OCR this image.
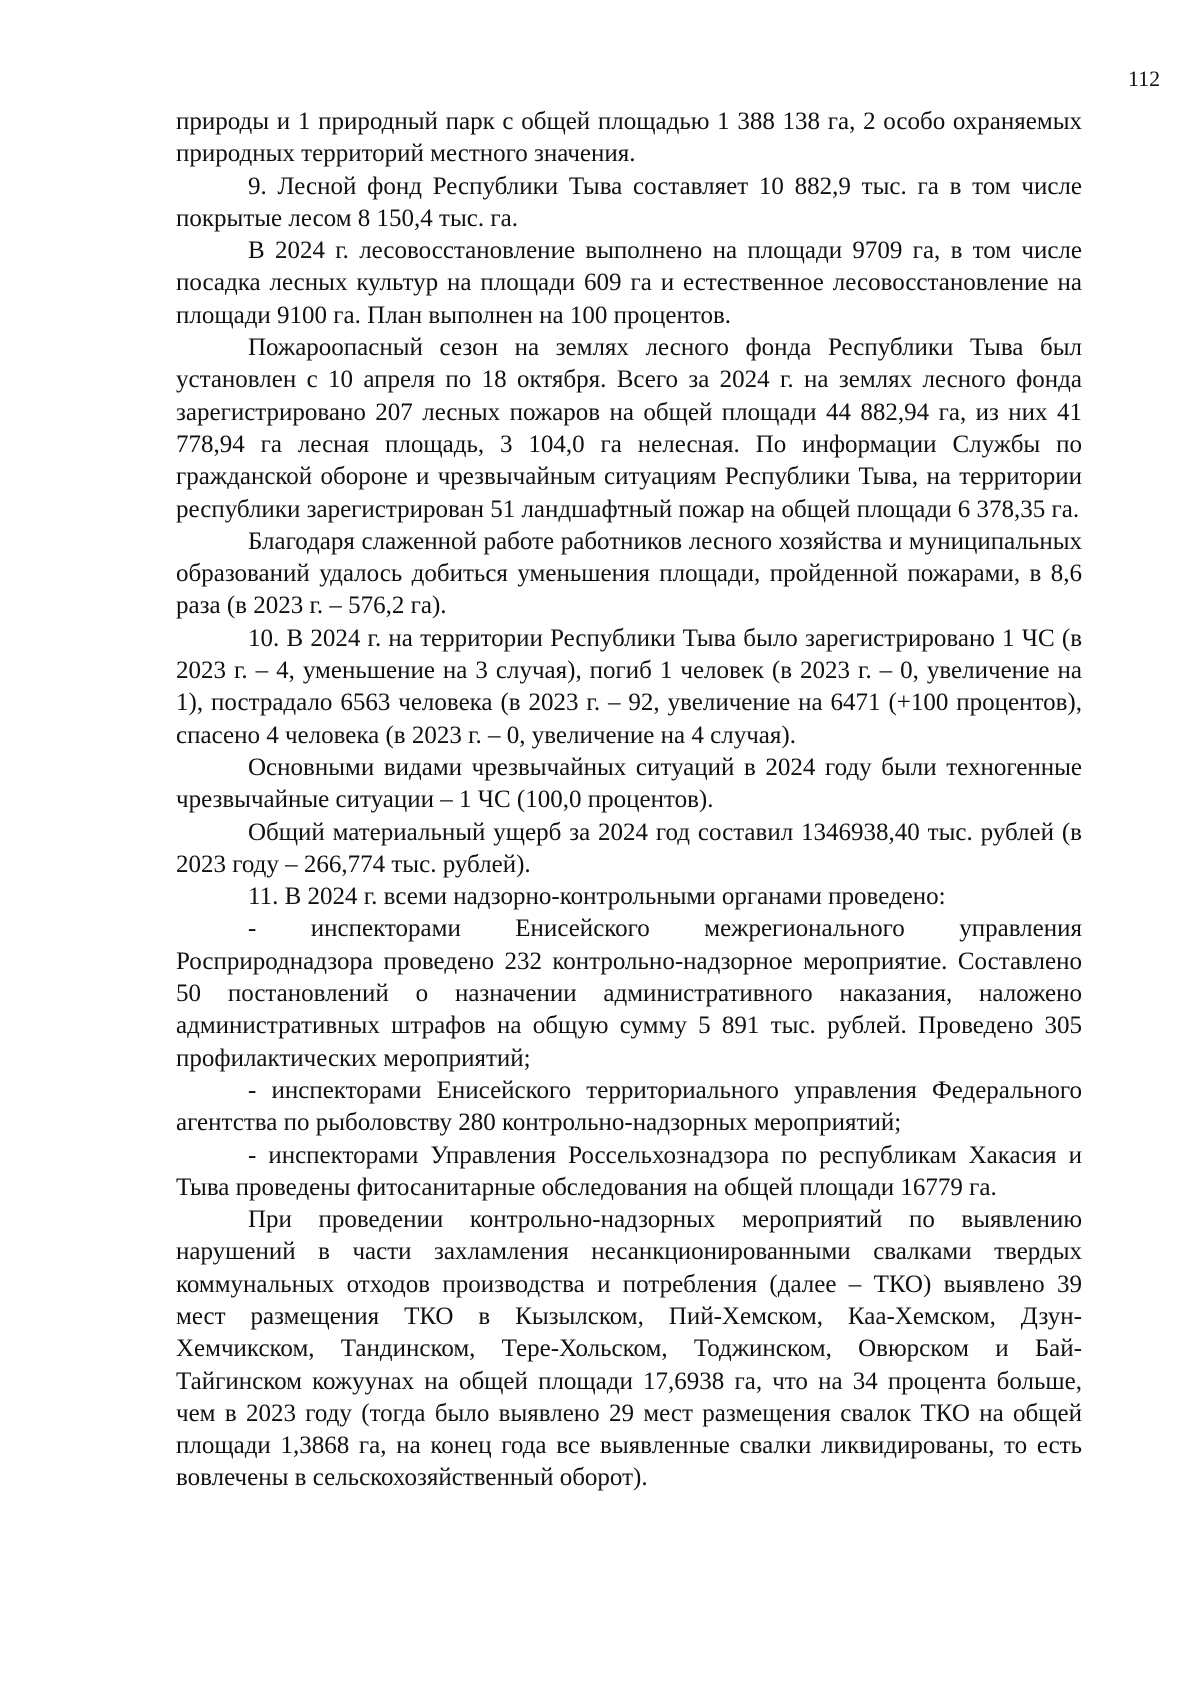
112

природы и 1 природный парк с общей площадью 1 388 138 га, 2 особо охраняемых природных территорий местного значения.

9. Лесной фонд Республики Тыва составляет 10 882,9 тыс. га в том числе покрытые лесом 8 150,4 тыс. га.

В 2024 г. лесовосстановление выполнено на площади 9709 га, в том числе посадка лесных культур на площади 609 га и естественное лесовосстановление на площади 9100 га. План выполнен на 100 процентов.

Пожароопасный сезон на землях лесного фонда Республики Тыва был установлен с 10 апреля по 18 октября. Всего за 2024 г. на землях лесного фонда зарегистрировано 207 лесных пожаров на общей площади 44 882,94 га, из них 41 778,94 га лесная площадь, 3 104,0 га нелесная. По информации Службы по гражданской обороне и чрезвычайным ситуациям Республики Тыва, на территории республики зарегистрирован 51 ландшафтный пожар на общей площади 6 378,35 га.

Благодаря слаженной работе работников лесного хозяйства и муниципальных образований удалось добиться уменьшения площади, пройденной пожарами, в 8,6 раза (в 2023 г. – 576,2 га).

10. В 2024 г. на территории Республики Тыва было зарегистрировано 1 ЧС (в 2023 г. – 4, уменьшение на 3 случая), погиб 1 человек (в 2023 г. – 0, увеличение на 1), пострадало 6563 человека (в 2023 г. – 92, увеличение на 6471 (+100 процентов), спасено 4 человека (в 2023 г. – 0, увеличение на 4 случая).

Основными видами чрезвычайных ситуаций в 2024 году были техногенные чрезвычайные ситуации – 1 ЧС (100,0 процентов).

Общий материальный ущерб за 2024 год составил 1346938,40 тыс. рублей (в 2023 году – 266,774 тыс. рублей).

11. В 2024 г. всеми надзорно-контрольными органами проведено:

- инспекторами Енисейского межрегионального управления Росприроднадзора проведено 232 контрольно-надзорное мероприятие. Составлено 50 постановлений о назначении административного наказания, наложено административных штрафов на общую сумму 5 891 тыс. рублей. Проведено 305 профилактических мероприятий;

- инспекторами Енисейского территориального управления Федерального агентства по рыболовству 280 контрольно-надзорных мероприятий;

- инспекторами Управления Россельхознадзора по республикам Хакасия и Тыва проведены фитосанитарные обследования на общей площади 16779 га.

При проведении контрольно-надзорных мероприятий по выявлению нарушений в части захламления несанкционированными свалками твердых коммунальных отходов производства и потребления (далее – ТКО) выявлено 39 мест размещения ТКО в Кызылском, Пий-Хемском, Каа-Хемском, Дзун-Хемчикском, Тандинском, Тере-Хольском, Тоджинском, Овюрском и Бай-Тайгинском кожуунах на общей площади 17,6938 га, что на 34 процента больше, чем в 2023 году (тогда было выявлено 29 мест размещения свалок ТКО на общей площади 1,3868 га, на конец года все выявленные свалки ликвидированы, то есть вовлечены в сельскохозяйственный оборот).
